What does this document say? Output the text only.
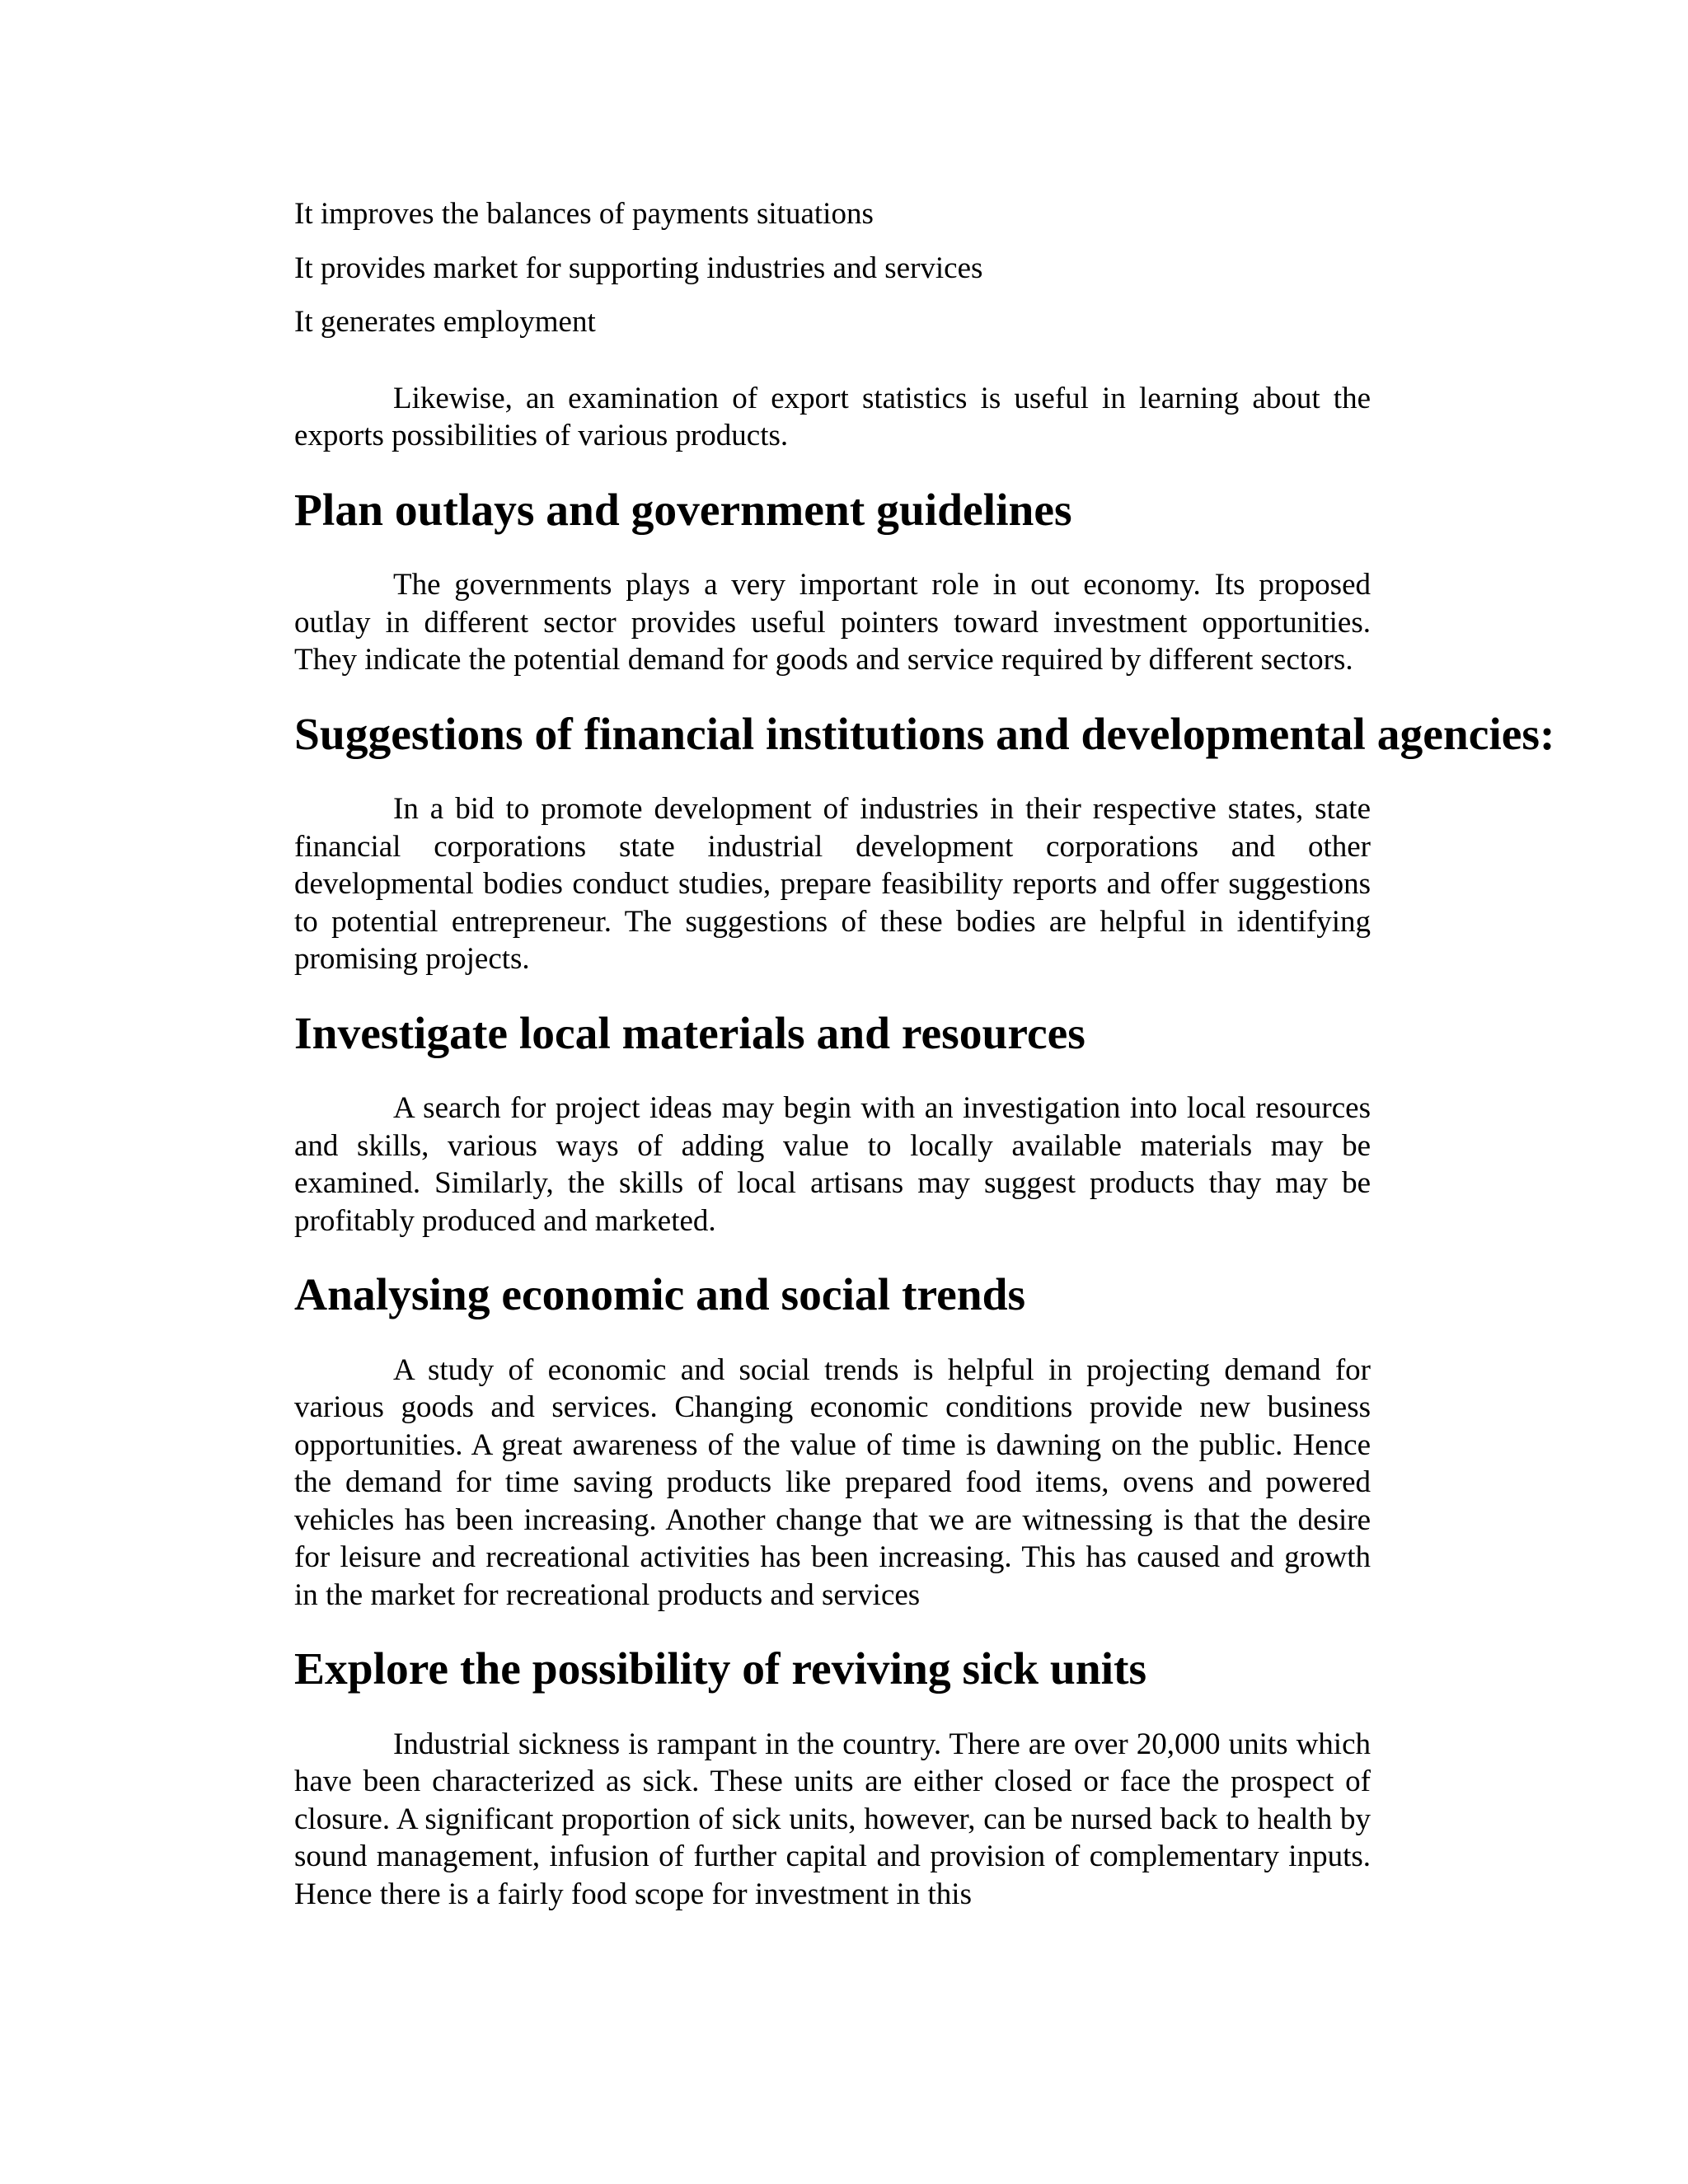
It improves the balances of payments situations

It provides market for supporting industries and services

It generates employment

Likewise, an examination of export statistics is useful in learning about the exports possibilities of various products.

Plan outlays and government guidelines

The governments plays a very important role in out economy. Its proposed outlay in different sector provides useful pointers toward investment opportunities. They indicate the potential demand for goods and service required by different sectors.

Suggestions of financial institutions and developmental agencies:

In a bid to promote development of industries in their respective states, state financial corporations state industrial development corporations and other developmental bodies conduct studies, prepare feasibility reports and offer suggestions to potential entrepreneur. The suggestions of these bodies are helpful in identifying promising projects.

Investigate local materials and resources

A search for project ideas may begin with an investigation into local resources and skills, various ways of adding value to locally available materials may be examined. Similarly, the skills of local artisans may suggest products thay may be profitably produced and marketed.

Analysing economic and social trends

A study of economic and social trends is helpful in projecting demand for various goods and services. Changing economic conditions provide new business opportunities. A great awareness of the value of time is dawning on the public. Hence the demand for time saving products like prepared food items, ovens and powered vehicles has been increasing. Another change that we are witnessing is that the desire for leisure and recreational activities has been increasing. This has caused and growth in the market for recreational products and services

Explore the possibility of reviving sick units

Industrial sickness is rampant in the country. There are over 20,000 units which have been characterized as sick. These units are either closed or face the prospect of closure. A significant proportion of sick units, however, can be nursed back to health by sound management, infusion of further capital and provision of complementary inputs. Hence there is a fairly food scope for investment in this
